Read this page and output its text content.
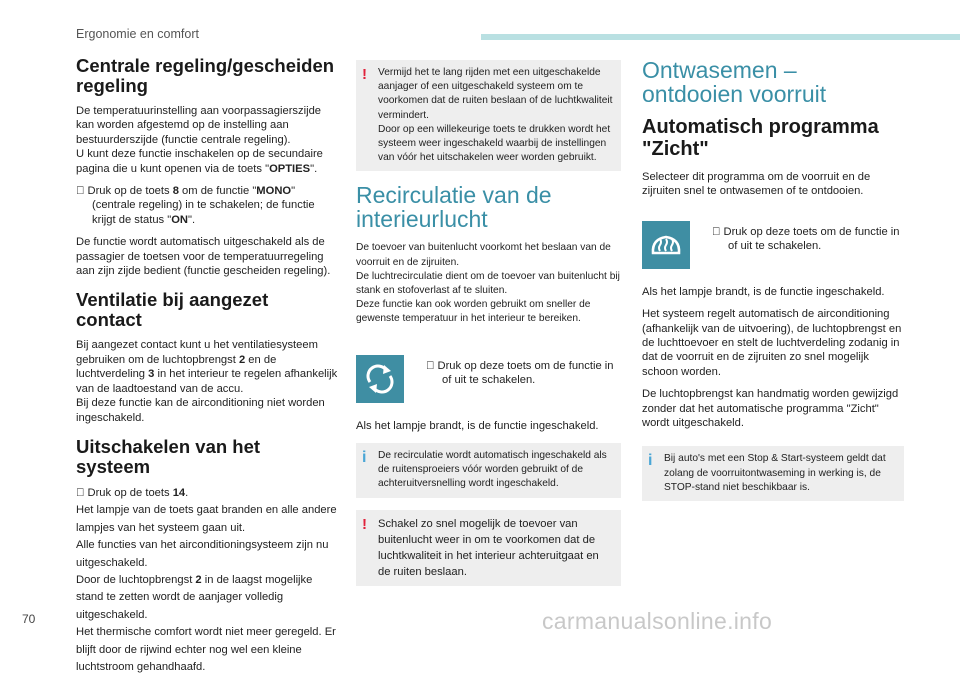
Ergonomie en comfort
Centrale regeling/gescheiden regeling

De temperatuurinstelling aan voorpassagierszijde kan worden afgestemd op de instelling aan bestuurderszijde (functie centrale regeling).
U kunt deze functie inschakelen op de secundaire pagina die u kunt openen via de toets "OPTIES".

Druk op de toets 8 om de functie "MONO" (centrale regeling) in te schakelen; de functie krijgt de status "ON".

De functie wordt automatisch uitgeschakeld als de passagier de toetsen voor de temperatuurregeling aan zijn zijde bedient (functie gescheiden regeling).

Ventilatie bij aangezet contact

Bij aangezet contact kunt u het ventilatiesysteem gebruiken om de luchtopbrengst 2 en de luchtverdeling 3 in het interieur te regelen afhankelijk van de laadtoestand van de accu.
Bij deze functie kan de airconditioning niet worden ingeschakeld.

Uitschakelen van het systeem

Druk op de toets 14.
Het lampje van de toets gaat branden en alle andere lampjes van het systeem gaan uit.
Alle functies van het airconditioningsysteem zijn nu uitgeschakeld.
Door de luchtopbrengst 2 in de laagst mogelijke stand te zetten wordt de aanjager volledig uitgeschakeld.
Het thermische comfort wordt niet meer geregeld. Er blijft door de rijwind echter nog wel een kleine luchtstroom gehandhaafd.

! Vermijd het te lang rijden met een uitgeschakelde aanjager of een uitgeschakeld systeem om te voorkomen dat de ruiten beslaan of de luchtkwaliteit vermindert.
Door op een willekeurige toets te drukken wordt het systeem weer ingeschakeld waarbij de instellingen van vóór het uitschakelen weer worden gebruikt.

Recirculatie van de interieurlucht

De toevoer van buitenlucht voorkomt het beslaan van de voorruit en de zijruiten.
De luchtrecirculatie dient om de toevoer van buitenlucht bij stank en stofoverlast af te sluiten.
Deze functie kan ook worden gebruikt om sneller de gewenste temperatuur in het interieur te bereiken.

Druk op deze toets om de functie in of uit te schakelen.

Als het lampje brandt, is de functie ingeschakeld.

i De recirculatie wordt automatisch ingeschakeld als de ruitensproeiers vóór worden gebruikt of de achteruitversnelling wordt ingeschakeld.

! Schakel zo snel mogelijk de toevoer van buitenlucht weer in om te voorkomen dat de luchtkwaliteit in het interieur achteruitgaat en de ruiten beslaan.

Ontwasemen – ontdooien voorruit
Automatisch programma "Zicht"

Selecteer dit programma om de voorruit en de zijruiten snel te ontwasemen of te ontdooien.

Druk op deze toets om de functie in of uit te schakelen.

Als het lampje brandt, is de functie ingeschakeld.

Het systeem regelt automatisch de airconditioning (afhankelijk van de uitvoering), de luchtopbrengst en de luchttoevoer en stelt de luchtverdeling zodanig in dat de voorruit en de zijruiten zo snel mogelijk schoon worden.

De luchtopbrengst kan handmatig worden gewijzigd zonder dat het automatische programma "Zicht" wordt uitgeschakeld.

i Bij auto's met een Stop & Start-systeem geldt dat zolang de voorruitontwaseming in werking is, de STOP-stand niet beschikbaar is.

70	carmanualsonline.info
